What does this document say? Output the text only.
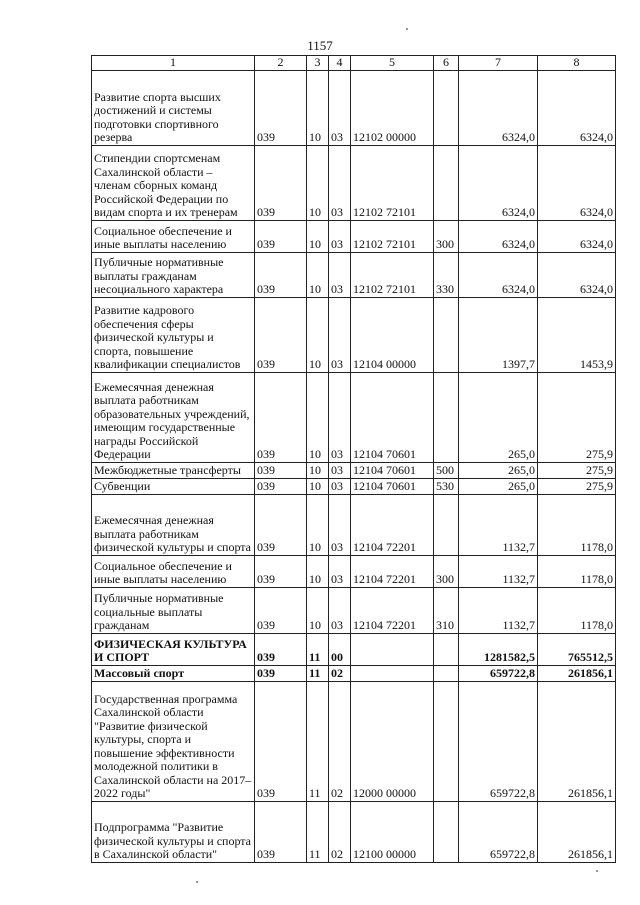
1157
1	2	3	4	5	6	7	8
Развитие спорта высших достижений и системы подготовки спортивного резерва	039	10	03	12102 00000		6324,0	6324,0
Стипендии спортсменам Сахалинской области – членам сборных команд Российской Федерации по видам спорта и их тренерам	039	10	03	12102 72101		6324,0	6324,0
Социальное обеспечение и иные выплаты населению	039	10	03	12102 72101	300	6324,0	6324,0
Публичные нормативные выплаты гражданам несоциального характера	039	10	03	12102 72101	330	6324,0	6324,0
Развитие кадрового обеспечения сферы физической культуры и спорта, повышение квалификации специалистов	039	10	03	12104 00000		1397,7	1453,9
Ежемесячная денежная выплата работникам образовательных учреждений, имеющим государственные награды Российской Федерации	039	10	03	12104 70601		265,0	275,9
Межбюджетные трансферты	039	10	03	12104 70601	500	265,0	275,9
Субвенции	039	10	03	12104 70601	530	265,0	275,9
Ежемесячная денежная выплата работникам физической культуры и спорта	039	10	03	12104 72201		1132,7	1178,0
Социальное обеспечение и иные выплаты населению	039	10	03	12104 72201	300	1132,7	1178,0
Публичные нормативные социальные выплаты гражданам	039	10	03	12104 72201	310	1132,7	1178,0
ФИЗИЧЕСКАЯ КУЛЬТУРА И СПОРТ	039	11	00			1281582,5	765512,5
Массовый спорт	039	11	02			659722,8	261856,1
Государственная программа Сахалинской области "Развитие физической культуры, спорта и повышение эффективности молодежной политики в Сахалинской области на 2017–2022 годы"	039	11	02	12000 00000		659722,8	261856,1
Подпрограмма "Развитие физической культуры и спорта в Сахалинской области"	039	11	02	12100 00000		659722,8	261856,1
